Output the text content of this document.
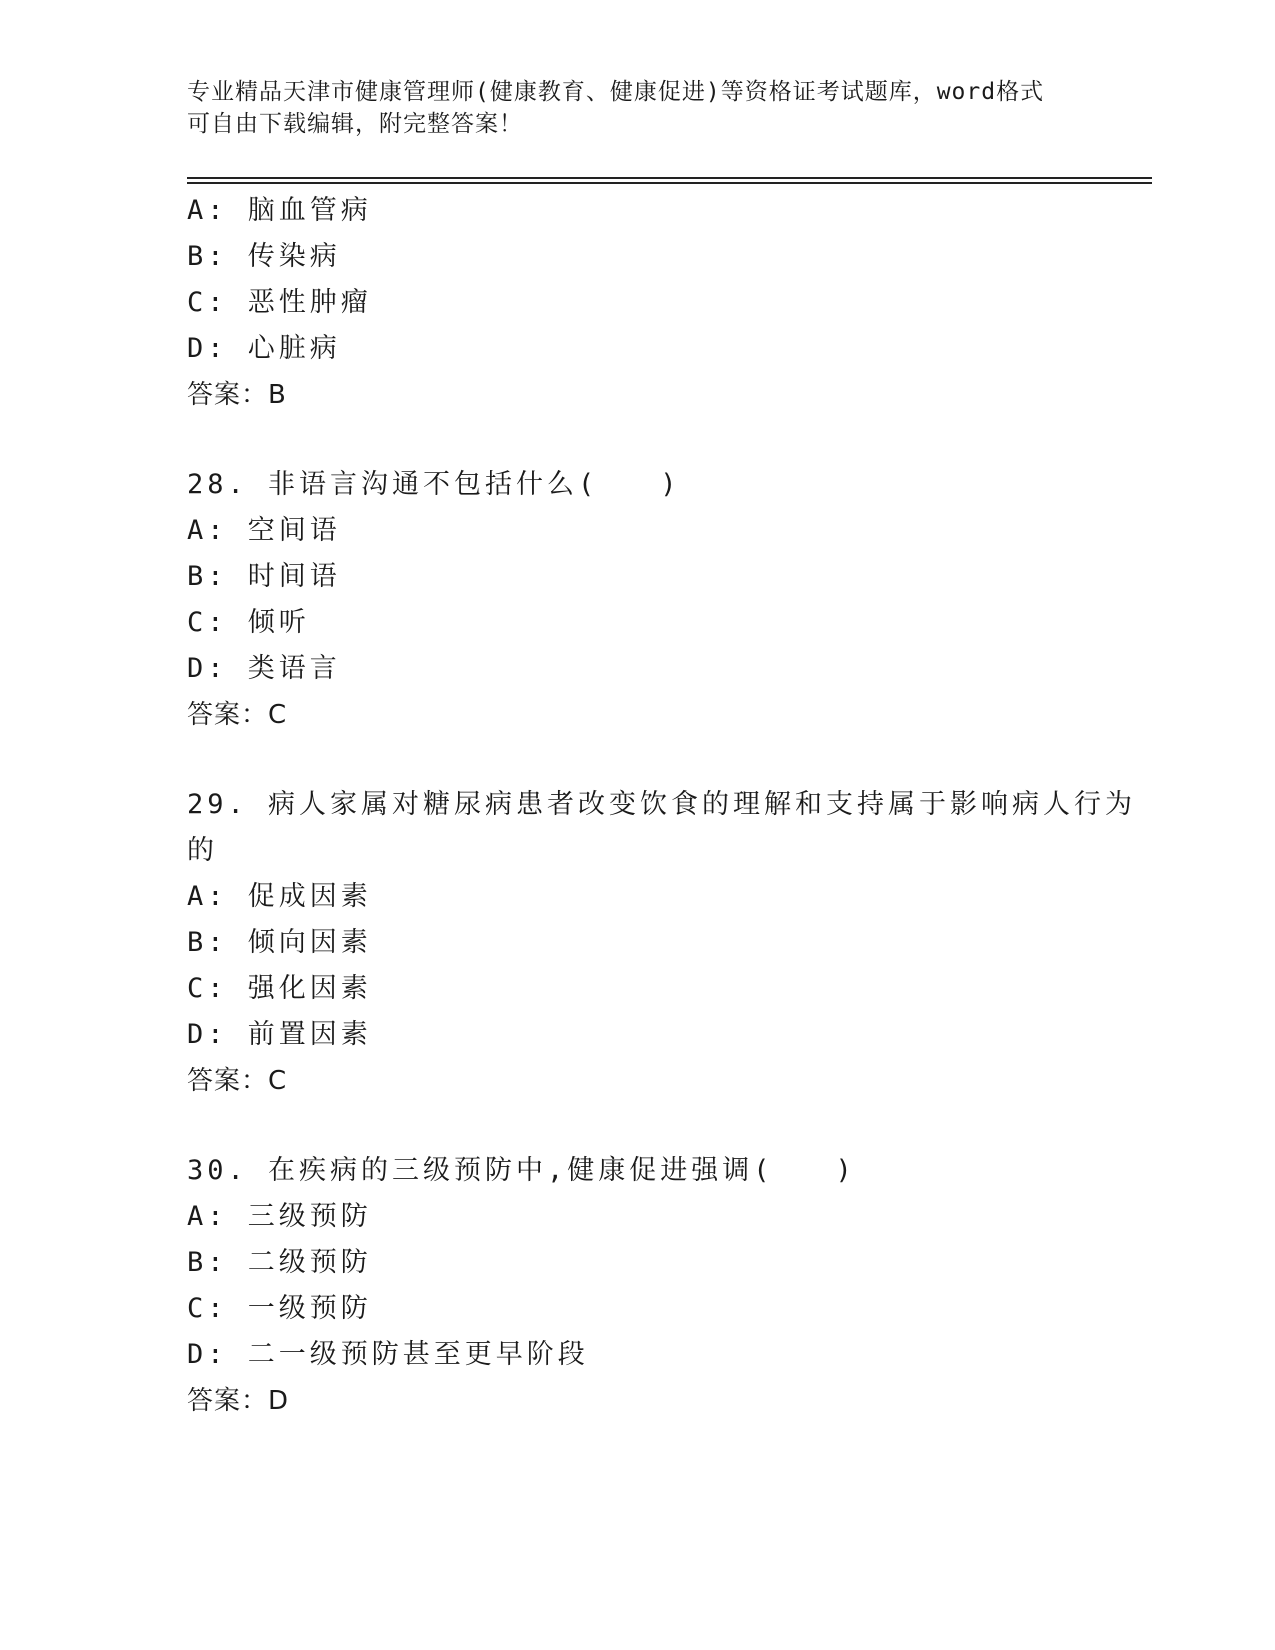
专业精品天津市健康管理师(健康教育、健康促进)等资格证考试题库，word格式
可自由下载编辑，附完整答案！
A: 脑血管病
B: 传染病
C: 恶性肿瘤
D: 心脏病
答案：B
28. 非语言沟通不包括什么(　　)
A: 空间语
B: 时间语
C: 倾听
D: 类语言
答案：C
29. 病人家属对糖尿病患者改变饮食的理解和支持属于影响病人行为
的
A: 促成因素
B: 倾向因素
C: 强化因素
D: 前置因素
答案：C
30. 在疾病的三级预防中,健康促进强调(　　)
A: 三级预防
B: 二级预防
C: 一级预防
D: 二一级预防甚至更早阶段
答案：D
